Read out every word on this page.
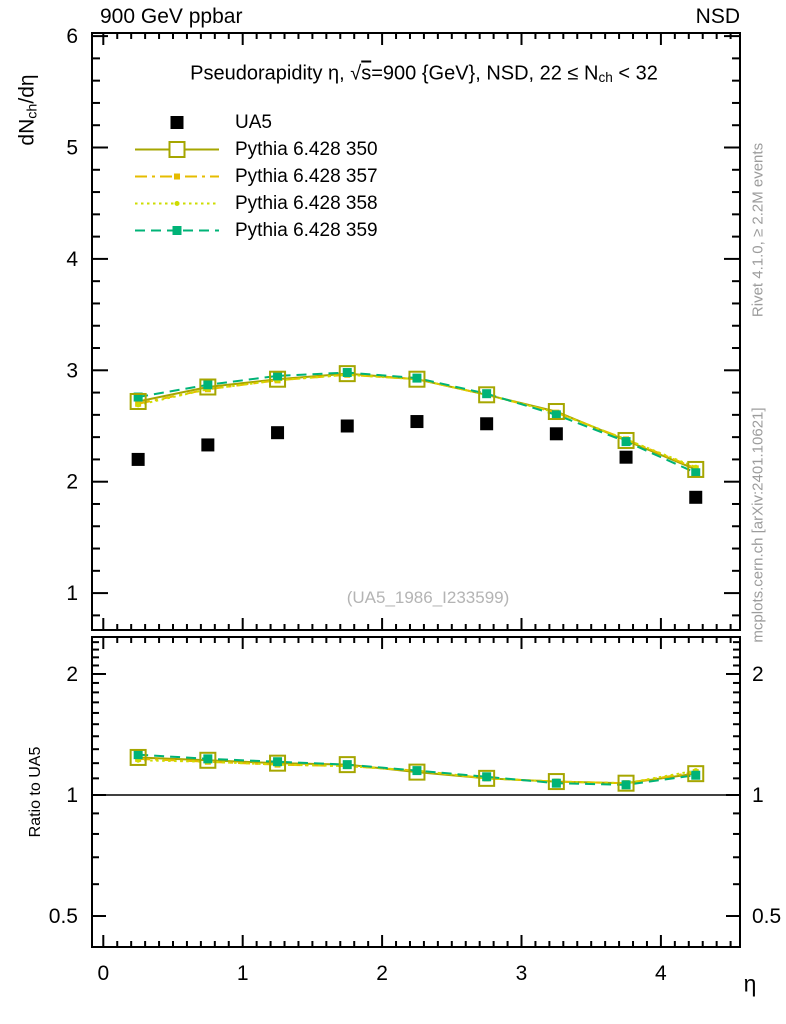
1
2
3
4
5
6
0.5	0.5
1	1
2	2
0	1	2	3	4
900 GeV ppbar	NSD
Pseudorapidity η, √s=900 {GeV}, NSD, $22 \le N_{ch} < 32$
$dN_{ch}/d\eta$
Ratio to UA5
η
Rivet 4.1.0, ≥ 2.2M events
mcplots.cern.ch [arXiv:2401.10621]
(UA5_1986_I233599)
UA5
Pythia 6.428 350
Pythia 6.428 357
Pythia 6.428 358
Pythia 6.428 359
